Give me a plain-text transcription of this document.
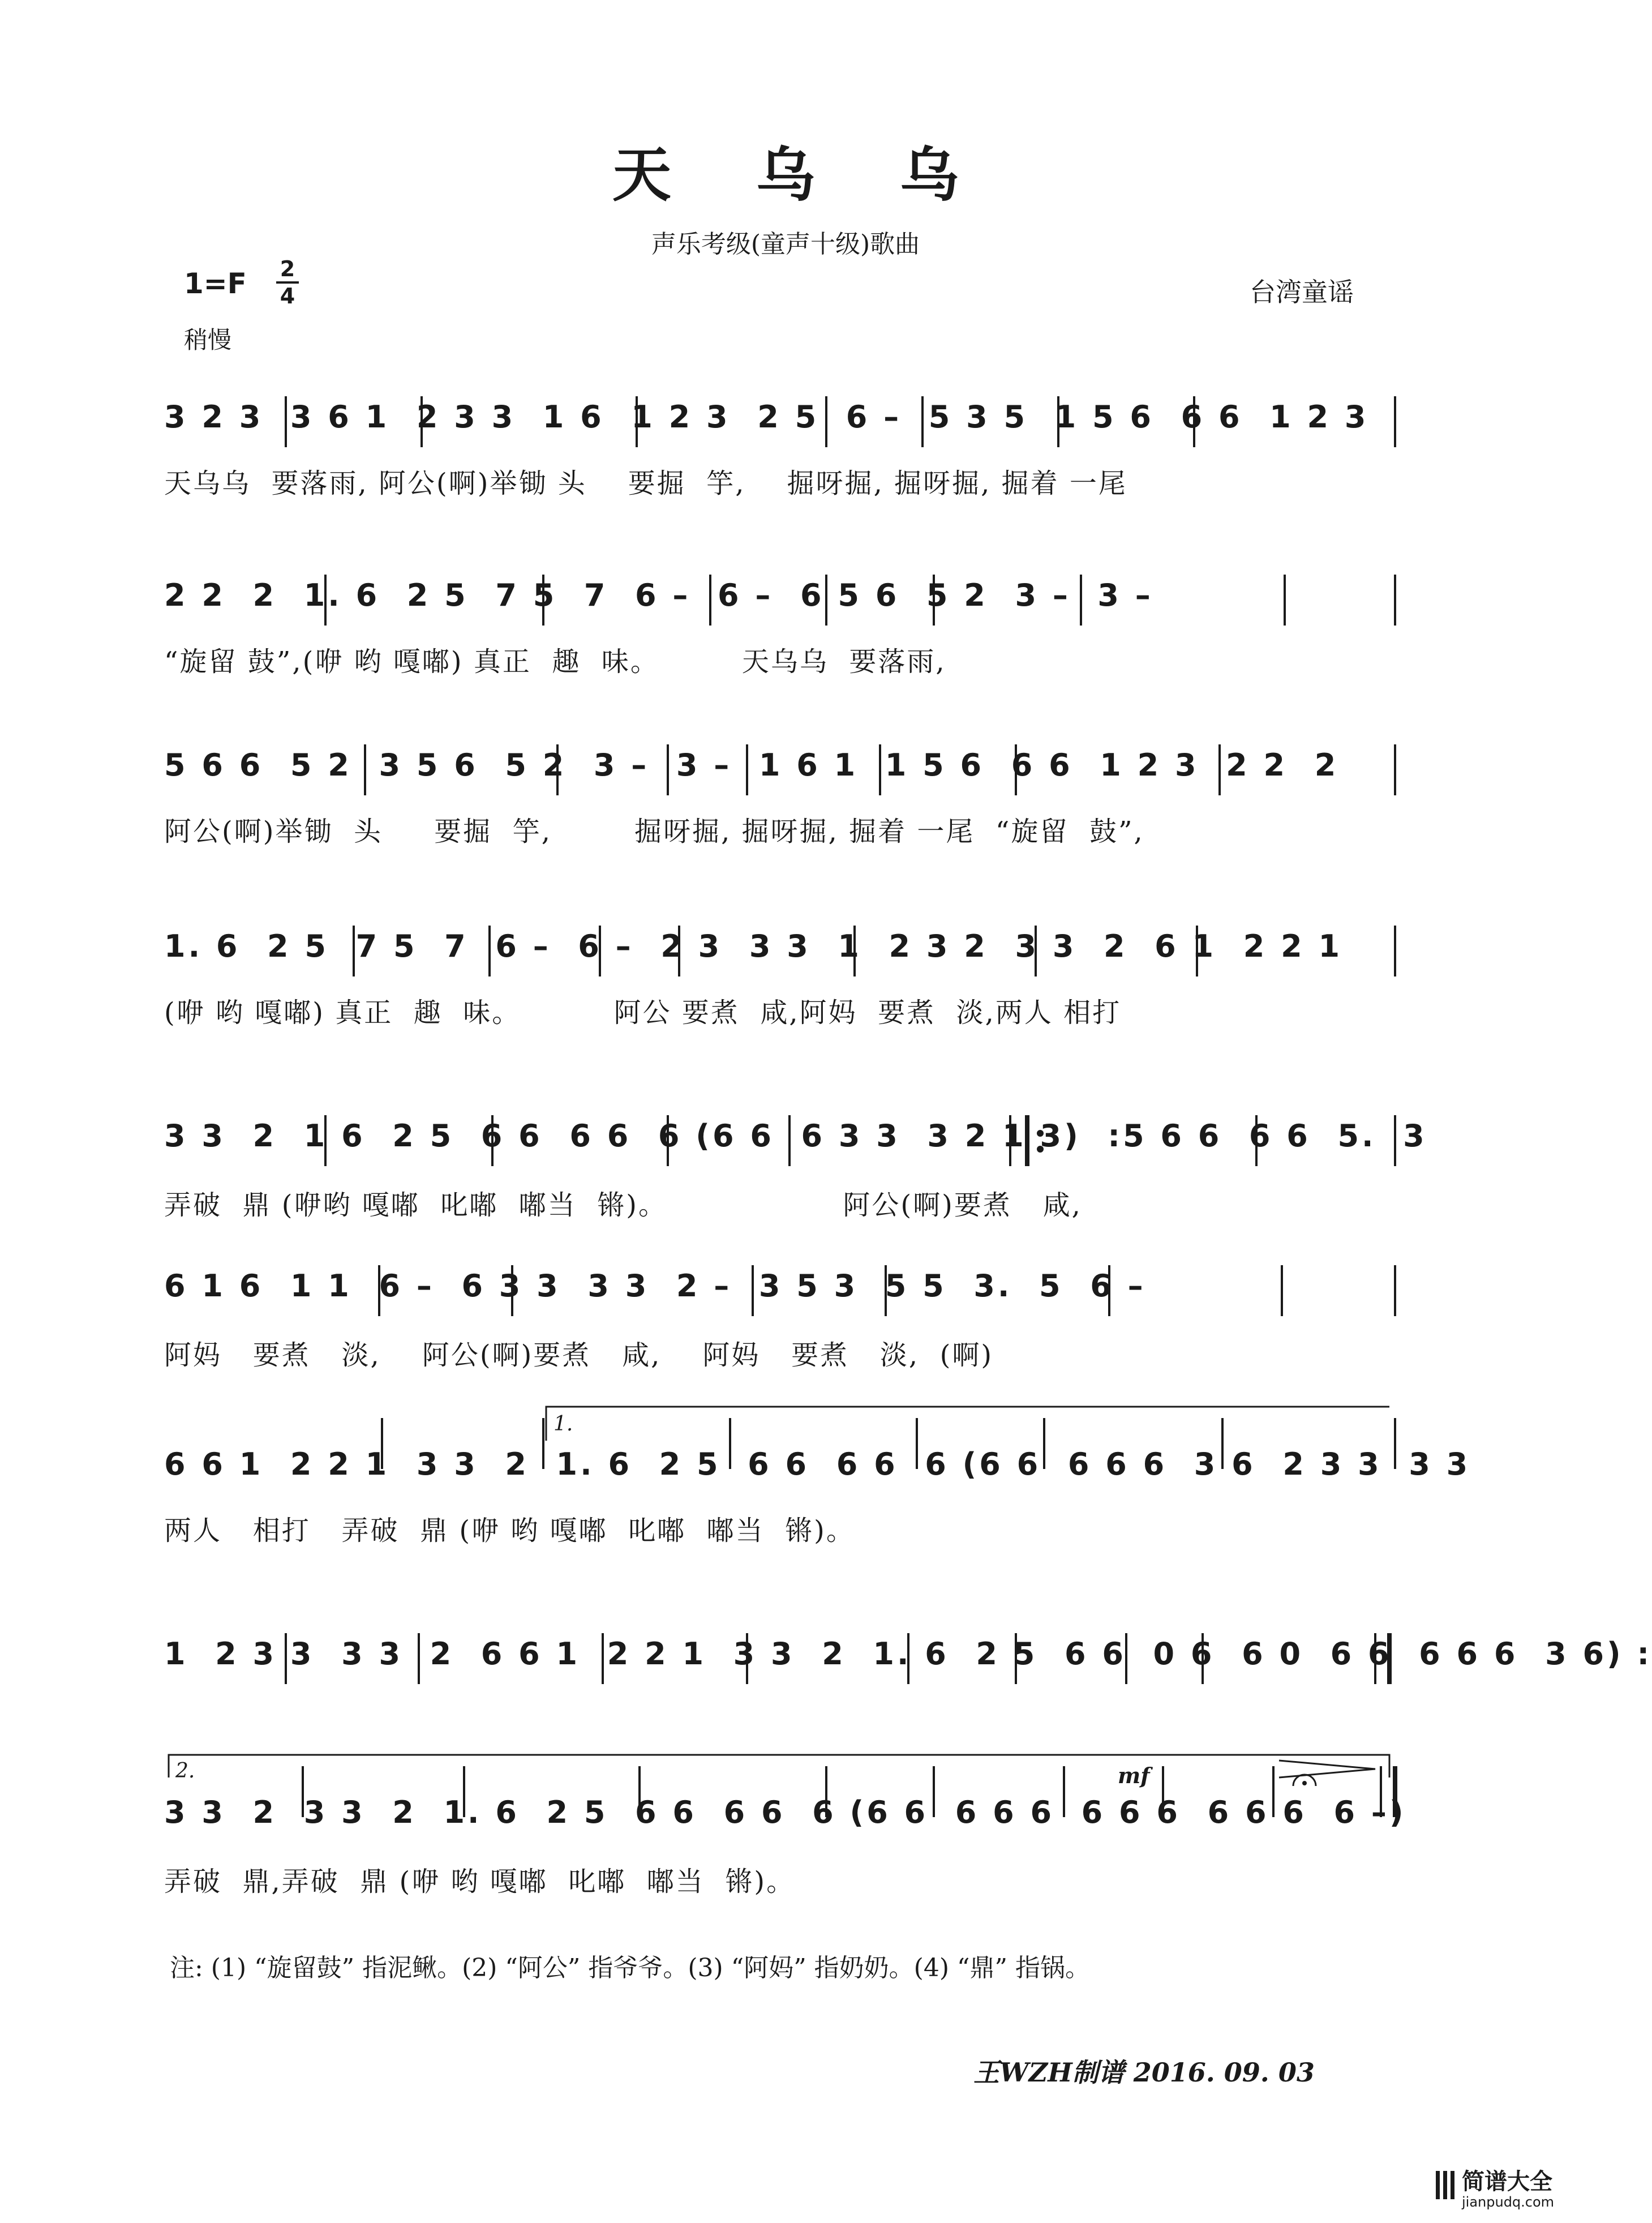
天乌乌
声乐考级(童声十级)歌曲
1=F 2
4
稍慢
台湾童谣
3 2 3  3 6 1  2 3 3  1 6  1 2 3  2 5  6 –  5 3 5  1 5 6  6 6  1 2 3
天乌乌  要落雨, 阿公(啊)举锄 头    要掘  竽,    掘呀掘, 掘呀掘, 掘着 一尾
2 2  2  1. 6  2 5  7 5  7  6 –  6 –  6 5 6  5 2  3 –  3 –
“旋留 鼓”,(咿 哟 嘎嘟) 真正  趣  味。        天乌乌  要落雨,
5 6 6  5 2  3 5 6  5 2  3 –  3 –  1 6 1  1 5 6  6 6  1 2 3  2 2  2
阿公(啊)举锄  头     要掘  竽,        掘呀掘, 掘呀掘, 掘着 一尾  “旋留  鼓”,
1. 6  2 5  7 5  7  6 –  6 –  2 3  3 3  1  2 3 2  3 3  2  6 1  2 2 1
(咿 哟 嘎嘟) 真正  趣  味。         阿公 要煮  咸,阿妈  要煮  淡,两人 相打
3 3  2  1 6  2 5  6 6  6 6  6 (6 6  6 3 3  3 2 1 3)  :5 6 6  6 6  5.  3
弄破  鼎 (咿哟 嘎嘟  叱嘟  嘟当  锵)。                 阿公(啊)要煮   咸,
6 1 6  1 1  6 –  6 3 3  3 3  2 –  3 5 3  5 5  3.  5  6 –
阿妈   要煮   淡,    阿公(啊)要煮   咸,    阿妈   要煮   淡,  (啊)
1.
6 6 1  2 2 1  3 3  2  1. 6  2 5  6 6  6 6  6 (6 6  6 6 6  3 6  2 3 3  3 3
两人   相打   弄破  鼎 (咿 哟 嘎嘟  叱嘟  嘟当  锵)。
1  2 3 3  3 3  2  6 6 1  2 2 1  3 3  2  1. 6  2 5  6 6  0 6  6 0  6 6  6 6 6  3 6) :
2.	mf
3 3  2  3 3  2  1. 6  2 5  6 6  6 6  6 (6 6  6 6 6  6 6 6  6 6 6  6 –)
弄破  鼎,弄破  鼎 (咿 哟 嘎嘟  叱嘟  嘟当  锵)。
注: (1) “旋留鼓” 指泥鳅。(2) “阿公” 指爷爷。(3) “阿妈” 指奶奶。(4) “鼎” 指锅。
王WZH制谱 2016. 09. 03
简谱大全
jianpudq.com
